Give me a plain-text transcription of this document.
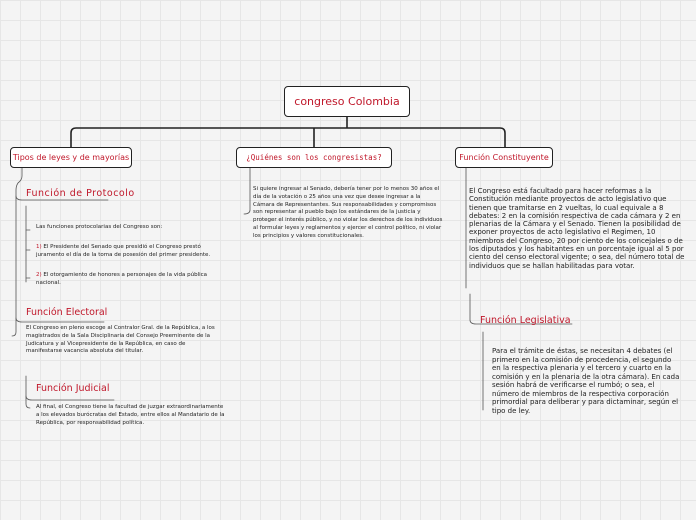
congreso Colombia
Tipos de leyes y de mayorías	¿Quiénes son los congresistas?	Función Constituyente
Si quiere ingresar al Senado, debería tener por lo menos 30 años el día de la votación o 25 años una vez que desee ingresar a la Cámara de Representantes. Sus responsabilidades y compromisos son representar al pueblo bajo los estándares de la justicia y proteger el interés público, y no violar los derechos de los individuos al formular leyes y reglamentos y ejercer el control político, ni violar los principios y valores constitucionales.
El Congreso está facultado para hacer reformas a la Constitución mediante proyectos de acto legislativo que tienen que tramitarse en 2 vueltas, lo cual equivale a 8 debates: 2 en la comisión respectiva de cada cámara y 2 en plenarias de la Cámara y el Senado. Tienen la posibilidad de exponer proyectos de acto legislativo el Regimen, 10 miembros del Congreso, 20 por ciento de los concejales o de los diputados y los habitantes en un porcentaje igual al 5 por ciento del censo electoral vigente; o sea, del número total de individuos que se hallan habilitadas para votar.
Función Legislativa
Para el trámite de éstas, se necesitan 4 debates (el primero en la comisión de procedencia, el segundo en la respectiva plenaria y el tercero y cuarto en la comisión y en la plenaria de la otra cámara). En cada sesión habrá de verificarse el rumbó; o sea, el número de miembros de la respectiva corporación primordial para deliberar y para dictaminar, según el tipo de ley.
Función de Protocolo
Las funciones protocolarias del Congreso son:
1) El Presidente del Senado que presidió el Congreso prestó juramento el día de la toma de posesión del primer presidente.
2) El otorgamiento de honores a personajes de la vida pública nacional.
Función Electoral
El Congreso en pleno escoge al Contralor Gral. de la República, a los magistrados de la Sala Disciplinaria del Consejo Preeminente de la Judicatura y al Vicepresidente de la República, en caso de manifestarse vacancia absoluta del titular.
Función Judicial
Al final, el Congreso tiene la facultad de juzgar extraordinariamente a los elevados burócratas del Estado, entre ellos al Mandatario de la República, por responsabilidad política.
